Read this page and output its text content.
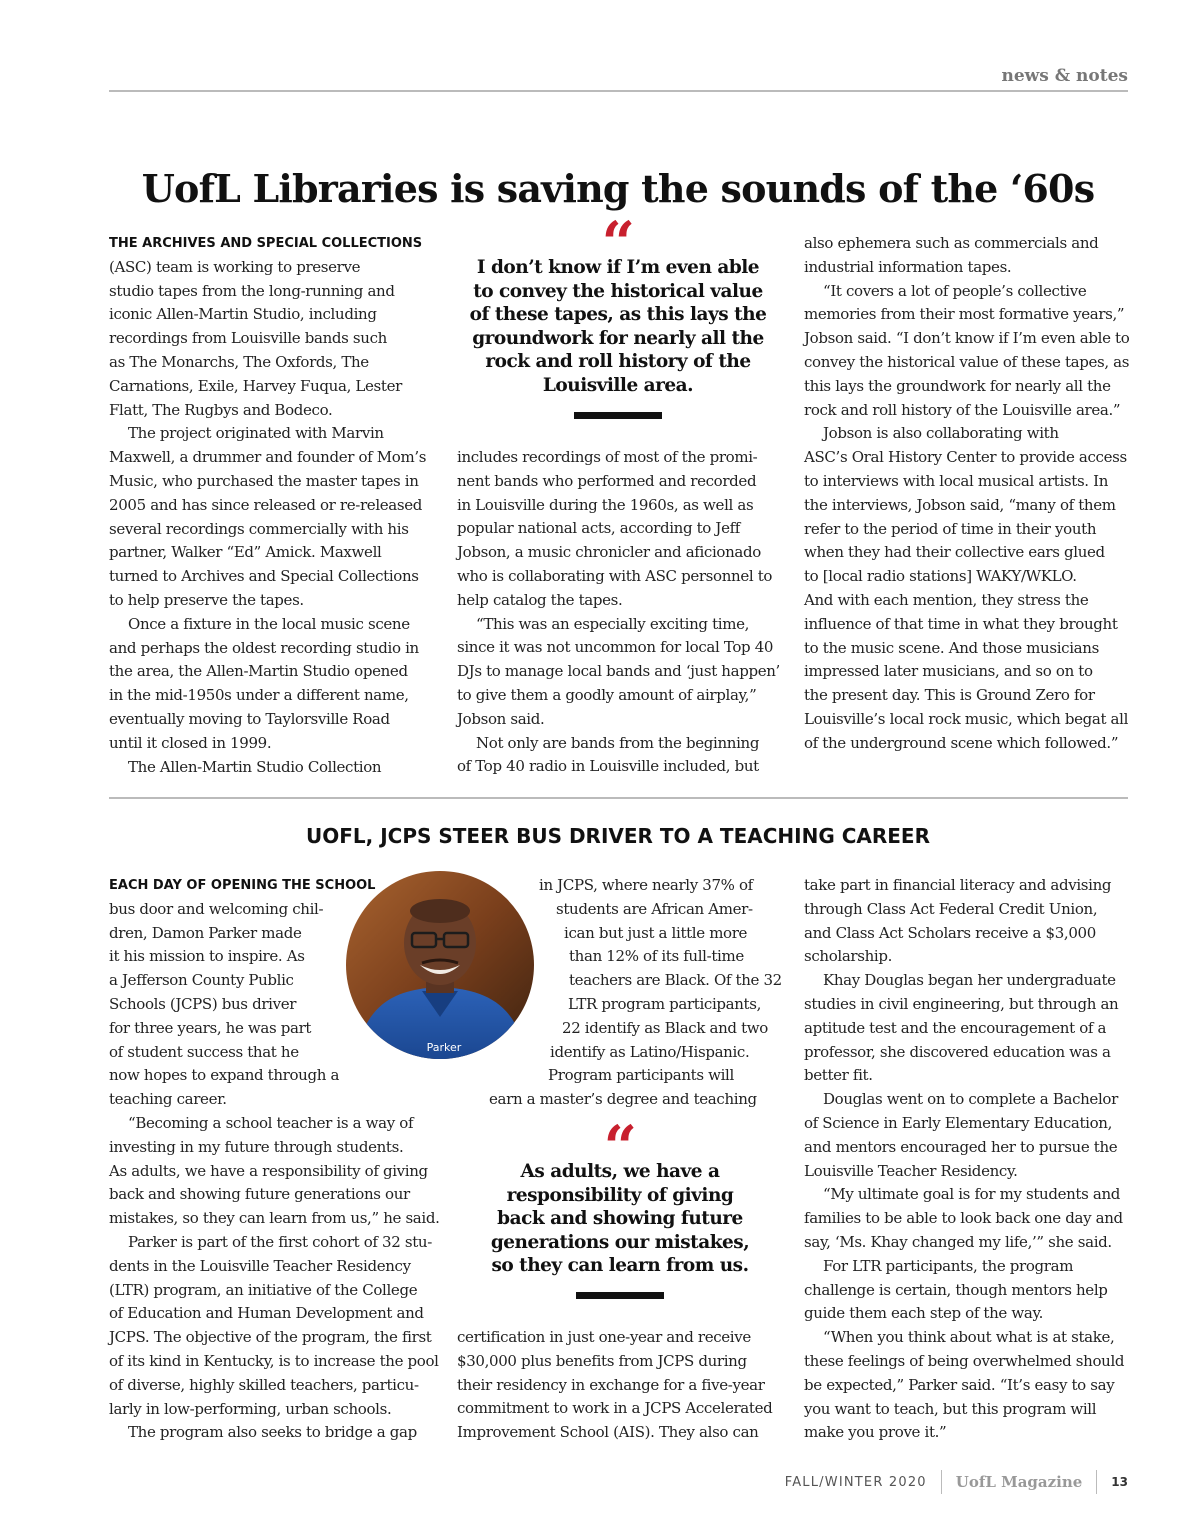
news & notes
UofL Libraries is saving the sounds of the ‘60s
THE ARCHIVES AND SPECIAL COLLECTIONS
(ASC) team is working to preserve
studio tapes from the long-running and
iconic Allen-Martin Studio, including
recordings from Louisville bands such
as The Monarchs, The Oxfords, The
Carnations, Exile, Harvey Fuqua, Lester
Flatt, The Rugbys and Bodeco.
The project originated with Marvin
Maxwell, a drummer and founder of Mom’s
Music, who purchased the master tapes in
2005 and has since released or re-released
several recordings commercially with his
partner, Walker “Ed” Amick. Maxwell
turned to Archives and Special Collections
to help preserve the tapes.
Once a fixture in the local music scene
and perhaps the oldest recording studio in
the area, the Allen-Martin Studio opened
in the mid-1950s under a different name,
eventually moving to Taylorsville Road
until it closed in 1999.
The Allen-Martin Studio Collection
“
I don’t know if I’m even able
to convey the historical value
of these tapes, as this lays the
groundwork for nearly all the
rock and roll history of the
Louisville area.
includes recordings of most of the promi-
nent bands who performed and recorded
in Louisville during the 1960s, as well as
popular national acts, according to Jeff
Jobson, a music chronicler and aficionado
who is collaborating with ASC personnel to
help catalog the tapes.
“This was an especially exciting time,
since it was not uncommon for local Top 40
DJs to manage local bands and ‘just happen’
to give them a goodly amount of airplay,”
Jobson said.
Not only are bands from the beginning
of Top 40 radio in Louisville included, but
also ephemera such as commercials and
industrial information tapes.
“It covers a lot of people’s collective
memories from their most formative years,”
Jobson said. “I don’t know if I’m even able to
convey the historical value of these tapes, as
this lays the groundwork for nearly all the
rock and roll history of the Louisville area.”
Jobson is also collaborating with
ASC’s Oral History Center to provide access
to interviews with local musical artists. In
the interviews, Jobson said, “many of them
refer to the period of time in their youth
when they had their collective ears glued
to [local radio stations] WAKY/WKLO.
And with each mention, they stress the
influence of that time in what they brought
to the music scene. And those musicians
impressed later musicians, and so on to
the present day. This is Ground Zero for
Louisville’s local rock music, which begat all
of the underground scene which followed.”
UOFL, JCPS STEER BUS DRIVER TO A TEACHING CAREER
EACH DAY OF OPENING THE SCHOOL
bus door and welcoming chil-
dren, Damon Parker made
it his mission to inspire. As
a Jefferson County Public
Schools (JCPS) bus driver
for three years, he was part
of student success that he
now hopes to expand through a
teaching career.
“Becoming a school teacher is a way of
investing in my future through students.
As adults, we have a responsibility of giving
back and showing future generations our
mistakes, so they can learn from us,” he said.
Parker is part of the first cohort of 32 stu-
dents in the Louisville Teacher Residency
(LTR) program, an initiative of the College
of Education and Human Development and
JCPS. The objective of the program, the first
of its kind in Kentucky, is to increase the pool
of diverse, highly skilled teachers, particu-
larly in low-performing, urban schools.
The program also seeks to bridge a gap
Parker
in JCPS, where nearly 37% of
students are African Amer-
ican but just a little more
than 12% of its full-time
teachers are Black. Of the 32
LTR program participants,
22 identify as Black and two
identify as Latino/Hispanic.
Program participants will
earn a master’s degree and teaching
“
As adults, we have a
responsibility of giving
back and showing future
generations our mistakes,
so they can learn from us.
certification in just one-year and receive
$30,000 plus benefits from JCPS during
their residency in exchange for a five-year
commitment to work in a JCPS Accelerated
Improvement School (AIS). They also can
take part in financial literacy and advising
through Class Act Federal Credit Union,
and Class Act Scholars receive a $3,000
scholarship.
Khay Douglas began her undergraduate
studies in civil engineering, but through an
aptitude test and the encouragement of a
professor, she discovered education was a
better fit.
Douglas went on to complete a Bachelor
of Science in Early Elementary Education,
and mentors encouraged her to pursue the
Louisville Teacher Residency.
“My ultimate goal is for my students and
families to be able to look back one day and
say, ‘Ms. Khay changed my life,’” she said.
For LTR participants, the program
challenge is certain, though mentors help
guide them each step of the way.
“When you think about what is at stake,
these feelings of being overwhelmed should
be expected,” Parker said. “It’s easy to say
you want to teach, but this program will
make you prove it.”
FALL/WINTER 2020 UofL Magazine 13
